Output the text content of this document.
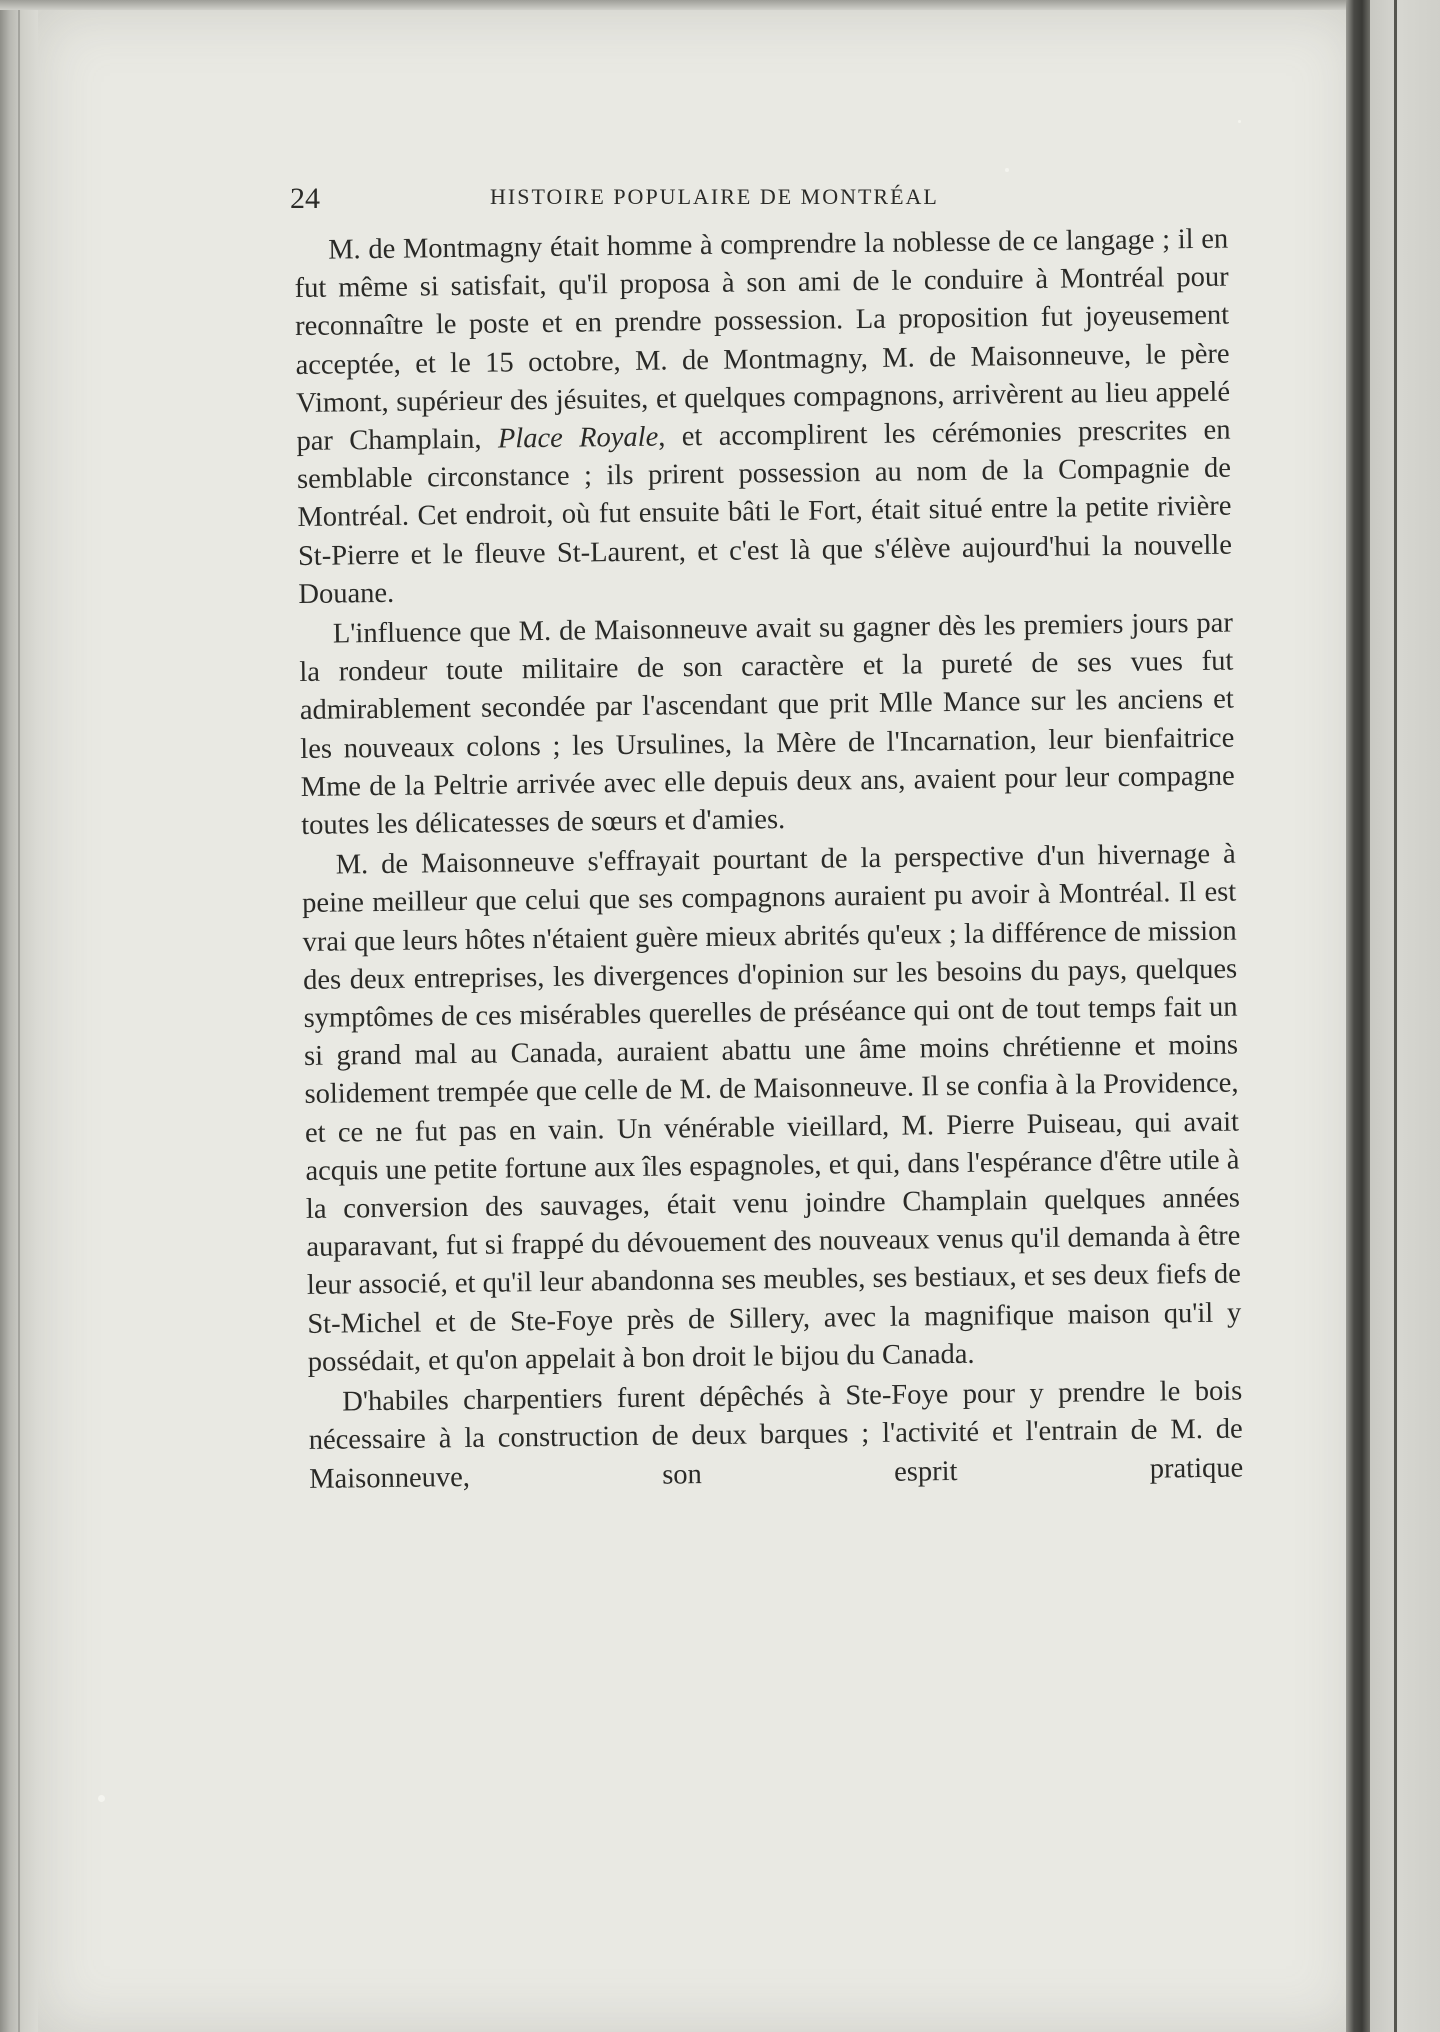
24	HISTOIRE POPULAIRE DE MONTRÉAL

M. de Montmagny était homme à comprendre la noblesse de ce langage ; il en fut même si satisfait, qu'il proposa à son ami de le conduire à Montréal pour reconnaître le poste et en prendre possession. La proposition fut joyeusement acceptée, et le 15 octobre, M. de Montmagny, M. de Maisonneuve, le père Vimont, supérieur des jésuites, et quelques compagnons, arrivèrent au lieu appelé par Champlain, Place Royale, et accomplirent les cérémonies prescrites en semblable circonstance ; ils prirent possession au nom de la Compagnie de Montréal. Cet endroit, où fut ensuite bâti le Fort, était situé entre la petite rivière St-Pierre et le fleuve St-Laurent, et c'est là que s'élève aujourd'hui la nouvelle Douane.

L'influence que M. de Maisonneuve avait su gagner dès les premiers jours par la rondeur toute militaire de son caractère et la pureté de ses vues fut admirablement secondée par l'ascendant que prit Mlle Mance sur les anciens et les nouveaux colons ; les Ursulines, la Mère de l'Incarnation, leur bienfaitrice Mme de la Peltrie arrivée avec elle depuis deux ans, avaient pour leur compagne toutes les délicatesses de sœurs et d'amies.

M. de Maisonneuve s'effrayait pourtant de la perspective d'un hivernage à peine meilleur que celui que ses compagnons auraient pu avoir à Montréal. Il est vrai que leurs hôtes n'étaient guère mieux abrités qu'eux ; la différence de mission des deux entreprises, les divergences d'opinion sur les besoins du pays, quelques symptômes de ces misérables querelles de préséance qui ont de tout temps fait un si grand mal au Canada, auraient abattu une âme moins chrétienne et moins solidement trempée que celle de M. de Maisonneuve. Il se confia à la Providence, et ce ne fut pas en vain. Un vénérable vieillard, M. Pierre Puiseau, qui avait acquis une petite fortune aux îles espagnoles, et qui, dans l'espérance d'être utile à la conversion des sauvages, était venu joindre Champlain quelques années auparavant, fut si frappé du dévouement des nouveaux venus qu'il demanda à être leur associé, et qu'il leur abandonna ses meubles, ses bestiaux, et ses deux fiefs de St-Michel et de Ste-Foye près de Sillery, avec la magnifique maison qu'il y possédait, et qu'on appelait à bon droit le bijou du Canada.

D'habiles charpentiers furent dépêchés à Ste-Foye pour y prendre le bois nécessaire à la construction de deux barques ; l'activité et l'entrain de M. de Maisonneuve, son esprit pratique
